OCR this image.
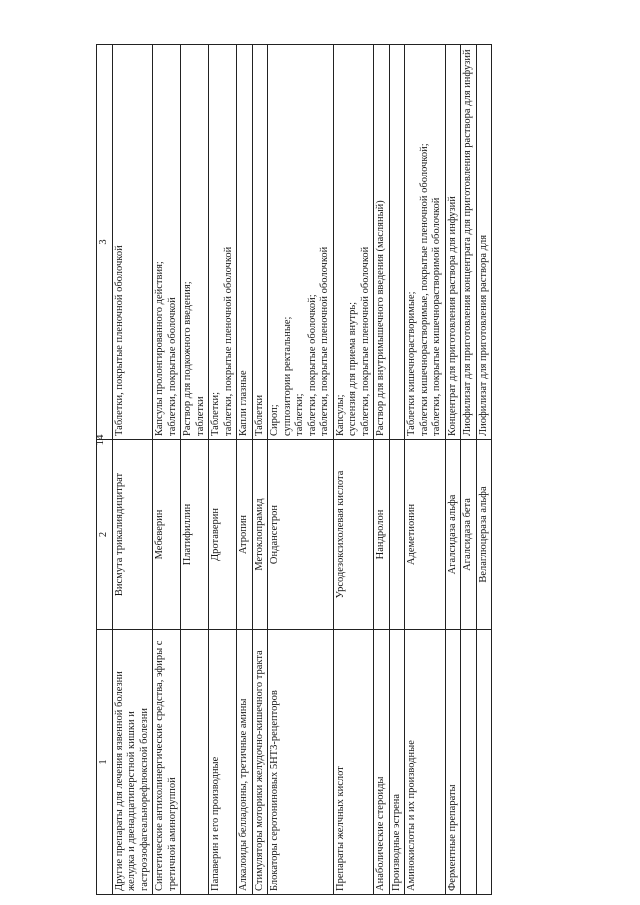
14
1	2	3
Другие препараты для лечения язвенной болезни желудка и двенадцатиперстной кишки и гастроэзофагеальнорефлюксной болезни	Висмута трикалиядицитрат	Таблетки, покрытые пленочной оболочкой

Синтетические антихолинергические средства, эфиры с третичной аминогруппой	Мебеверин	Капсулы пролонгированного действия; таблетки, покрытые оболочкой

	Платифиллин	Раствор для подкожного введения; таблетки

Папаверин и его производные	Дротаверин	Таблетки; таблетки, покрытые пленочной оболочкой

Алкалоиды белладонны, третичные амины	Атропин	Капли глазные

Стимуляторы моторики желудочно-кишечного тракта	Метоклопрамид	Таблетки

Блокаторы серотониновых 5НТ3-рецепторов	Ондансетрон	Сироп; суппозитории ректальные; таблетки; таблетки, покрытые оболочкой; таблетки, покрытые пленочной оболочкой

Препараты желчных кислот	Урсодезоксихолевая кислота	Капсулы; суспензия для приема внутрь; таблетки, покрытые пленочной оболочкой

Анаболические стероиды	Нандролон	Раствор для внутримышечного введения (масляный)

Производные эстрена		
Аминокислоты и их производные	Адеметионин	Таблетки кишечнорастворимые; таблетки кишечнорастворимые, покрытые пленочной оболочкой; таблетки, покрытые кишечнорастворимой оболочкой

Ферментные препараты	Агалсидаза альфа	Концентрат для приготовления раствора для инфузий

	Агалсидаза бета	Лиофилизат для приготовления концентрата для приготовления раствора для инфузий

	Велаглюцераза альфа	Лиофилизат для приготовления раствора для
